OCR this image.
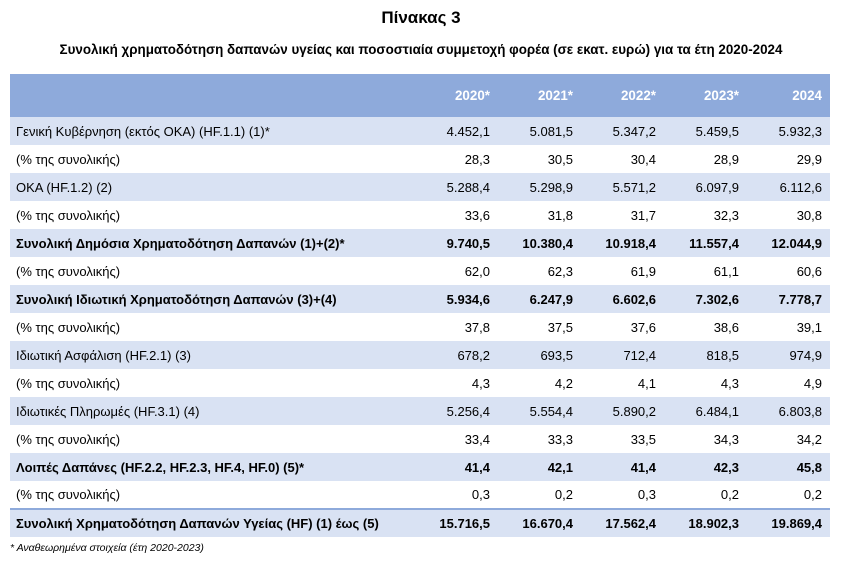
Πίνακας 3
Συνολική χρηματοδότηση δαπανών υγείας και ποσοστιαία συμμετοχή φορέα (σε εκατ. ευρώ) για τα έτη 2020-2024
	2020*	2021*	2022*	2023*	2024
Γενική Κυβέρνηση (εκτός ΟΚΑ) (HF.1.1) (1)*	4.452,1	5.081,5	5.347,2	5.459,5	5.932,3
(% της συνολικής)	28,3	30,5	30,4	28,9	29,9
ΟΚΑ (HF.1.2) (2)	5.288,4	5.298,9	5.571,2	6.097,9	6.112,6
(% της συνολικής)	33,6	31,8	31,7	32,3	30,8
Συνολική Δημόσια Χρηματοδότηση Δαπανών (1)+(2)*	9.740,5	10.380,4	10.918,4	11.557,4	12.044,9
(% της συνολικής)	62,0	62,3	61,9	61,1	60,6
Συνολική Ιδιωτική Χρηματοδότηση Δαπανών (3)+(4)	5.934,6	6.247,9	6.602,6	7.302,6	7.778,7
(% της συνολικής)	37,8	37,5	37,6	38,6	39,1
Ιδιωτική Ασφάλιση (HF.2.1) (3)	678,2	693,5	712,4	818,5	974,9
(% της συνολικής)	4,3	4,2	4,1	4,3	4,9
Ιδιωτικές Πληρωμές (HF.3.1) (4)	5.256,4	5.554,4	5.890,2	6.484,1	6.803,8
(% της συνολικής)	33,4	33,3	33,5	34,3	34,2
Λοιπές Δαπάνες (HF.2.2, HF.2.3, HF.4, HF.0) (5)*	41,4	42,1	41,4	42,3	45,8
(% της συνολικής)	0,3	0,2	0,3	0,2	0,2
Συνολική Χρηματοδότηση Δαπανών Υγείας (HF) (1) έως (5)	15.716,5	16.670,4	17.562,4	18.902,3	19.869,4
* Αναθεωρημένα στοιχεία (έτη 2020-2023)
